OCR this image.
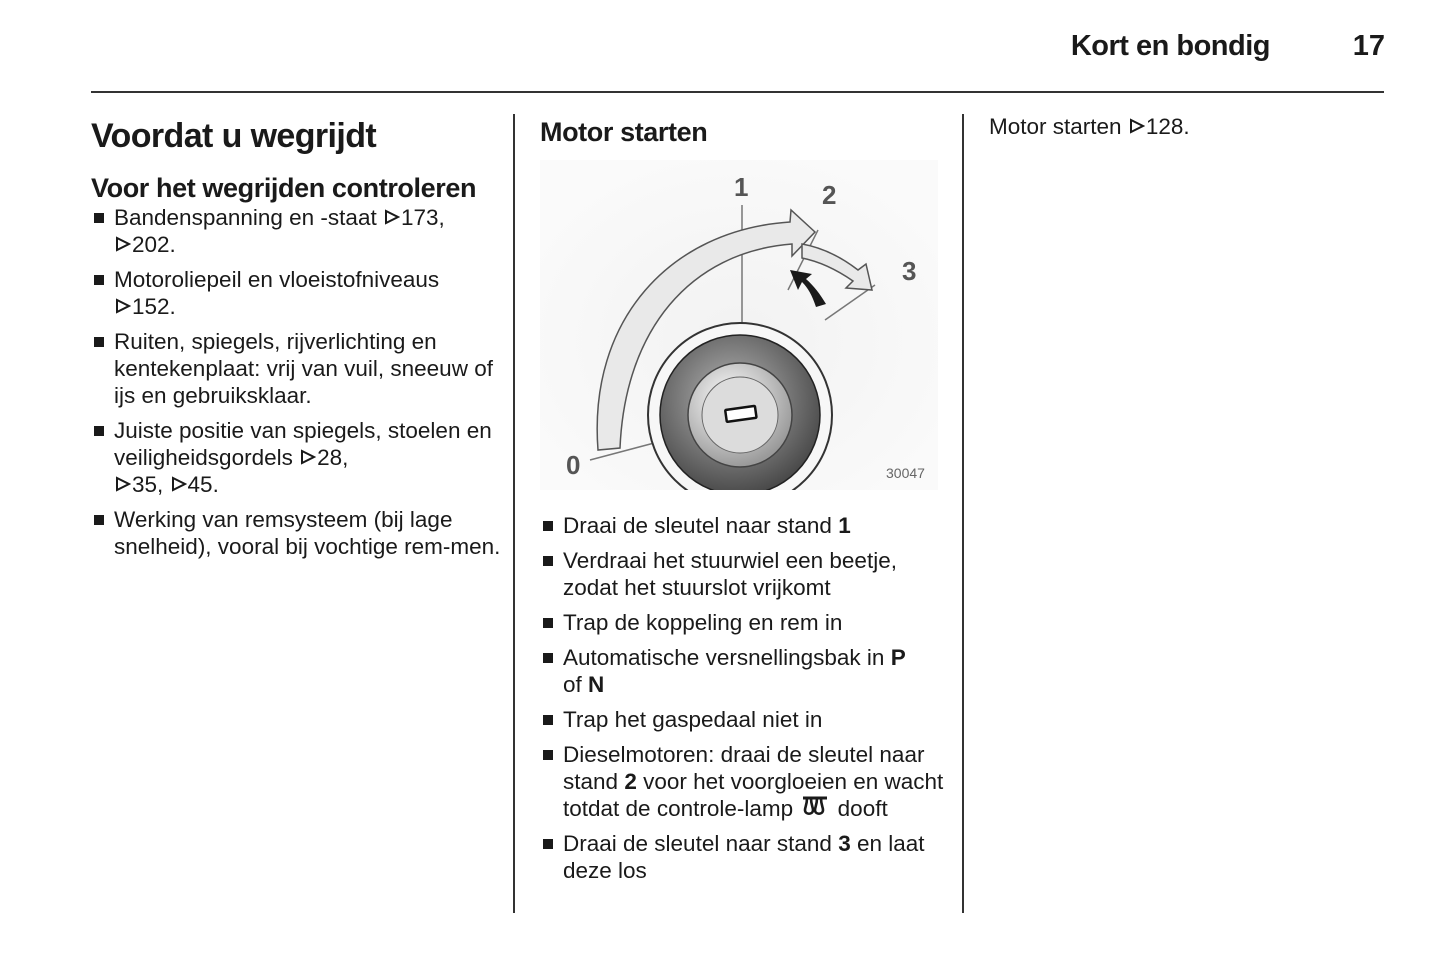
Kort en bondig	17
Voordat u wegrijdt
Voor het wegrijden controleren
Bandenspanning en -staat 173,
202.
Motoroliepeil en vloeistofniveaus
152.
Ruiten, spiegels, rijverlichting en kentekenplaat: vrij van vuil, sneeuw of ijs en gebruiksklaar.
Juiste positie van spiegels, stoelen en veiligheidsgordels 28,
35, 45.
Werking van remsysteem (bij lage snelheid), vooral bij vochtige rem-men.
Motor starten
0
1	2
3
30047
Draai de sleutel naar stand 1
Verdraai het stuurwiel een beetje, zodat het stuurslot vrijkomt
Trap de koppeling en rem in
Automatische versnellingsbak in P
of N
Trap het gaspedaal niet in
Dieselmotoren: draai de sleutel naar stand 2 voor het voorgloeien en wacht totdat de controle-lamp dooft
Draai de sleutel naar stand 3 en laat deze los

Motor starten 128.
